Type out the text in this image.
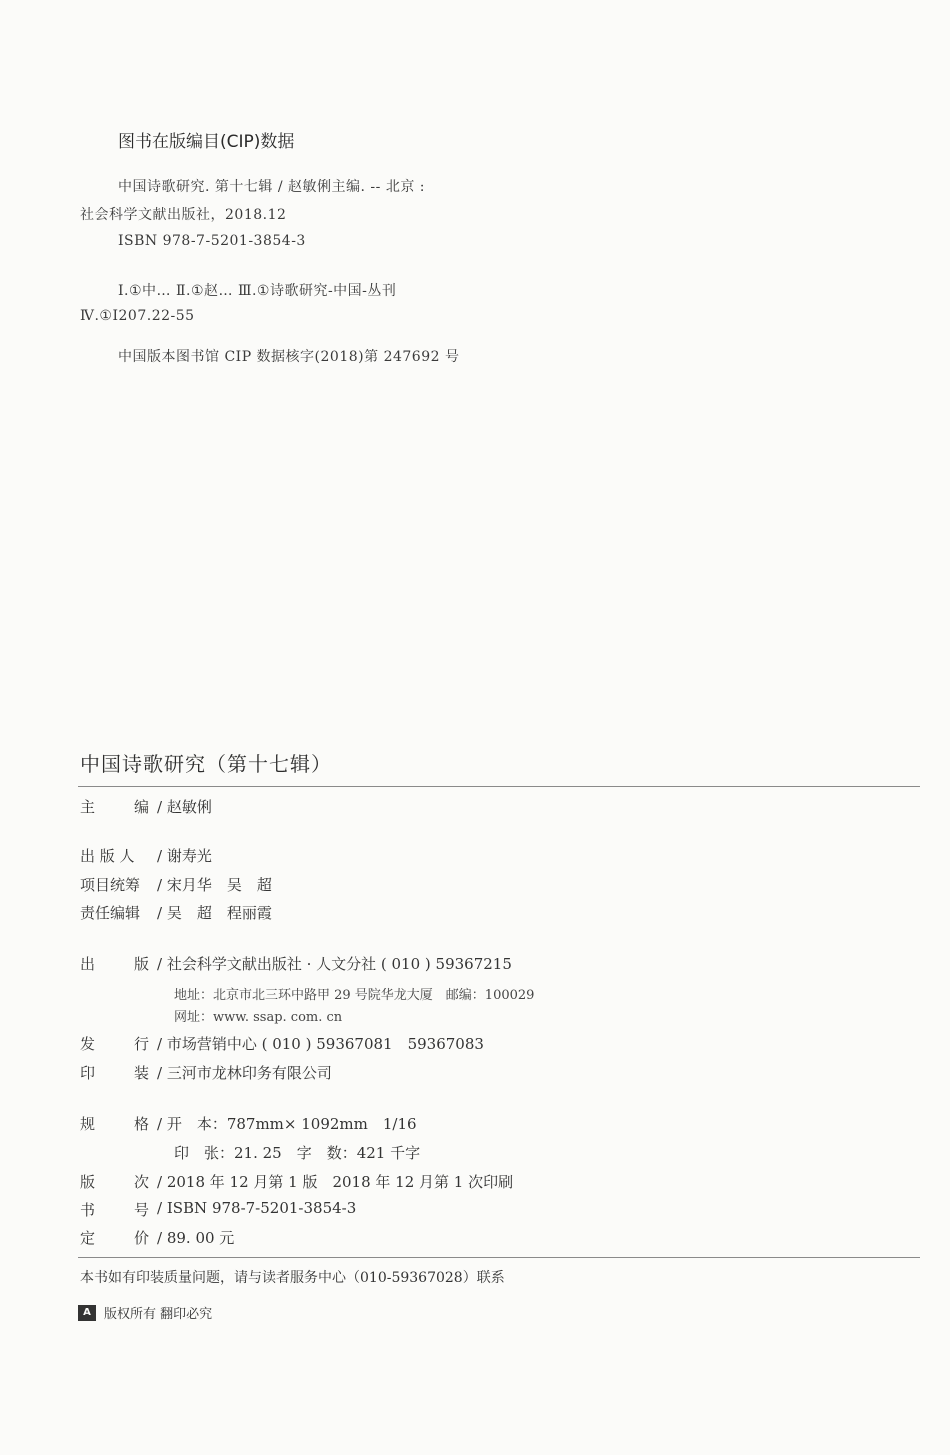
图书在版编目(CIP)数据
中国诗歌研究. 第十七辑 / 赵敏俐主编. -- 北京 :
社会科学文献出版社，2018.12
ISBN 978-7-5201-3854-3
Ⅰ.①中… Ⅱ.①赵… Ⅲ.①诗歌研究-中国-丛刊
Ⅳ.①I207.22-55
中国版本图书馆 CIP 数据核字(2018)第 247692 号
中国诗歌研究（第十七辑）
主	编 / 赵敏俐
出 版 人 / 谢寿光
项目统筹 / 宋月华　吴　超
责任编辑 / 吴　超　程丽霞
出	版 / 社会科学文献出版社 · 人文分社 ( 010 ) 59367215
地址：北京市北三环中路甲 29 号院华龙大厦　邮编：100029
网址：www. ssap. com. cn
发	行 / 市场营销中心 ( 010 ) 59367081　59367083
印	装 / 三河市龙林印务有限公司
规	格 / 开　本：787mm× 1092mm　1/16
印　张：21. 25　字　数：421 千字
版	次 / 2018 年 12 月第 1 版　2018 年 12 月第 1 次印刷
书	号 / ISBN 978-7-5201-3854-3
定	价 / 89. 00 元
本书如有印装质量问题，请与读者服务中心（010-59367028）联系
A	版权所有 翻印必究
